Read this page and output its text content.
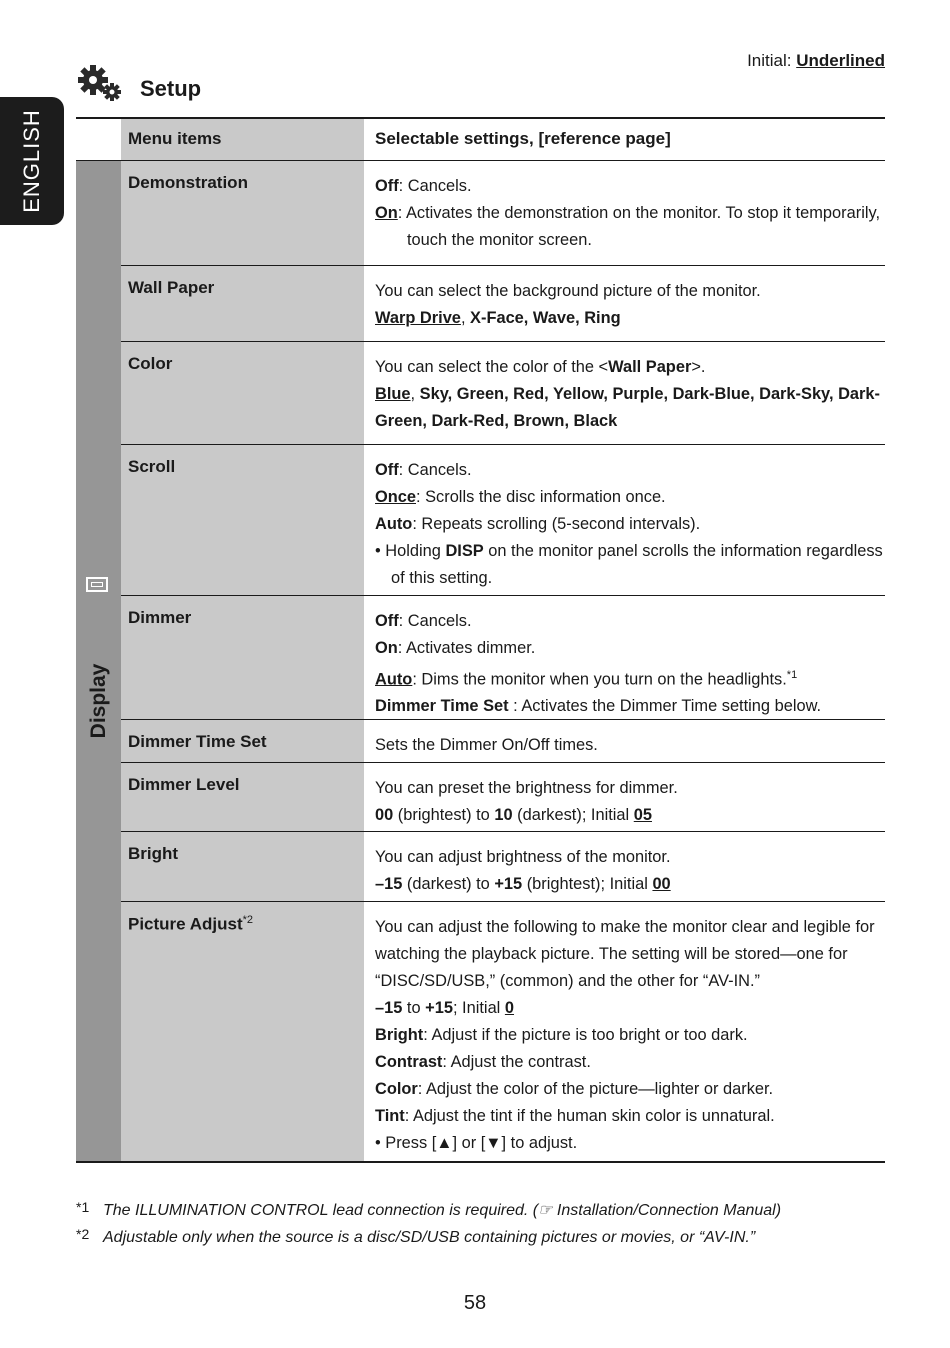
ENGLISH
Setup
Initial: Underlined
Menu items	Selectable settings, [reference page]
Display
Demonstration	Off: Cancels.

On: Activates the demonstration on the monitor. To stop it temporarily,

touch the monitor screen.

Wall Paper	You can select the background picture of the monitor.

Warp Drive, X-Face, Wave, Ring

Color	You can select the color of the <Wall Paper>.

Blue, Sky, Green, Red, Yellow, Purple, Dark-Blue, Dark-Sky, Dark-

Green, Dark-Red, Brown, Black

Scroll	Off: Cancels.

Once: Scrolls the disc information once.

Auto: Repeats scrolling (5-second intervals).

• Holding DISP on the monitor panel scrolls the information regardless

of this setting.

Dimmer	Off: Cancels.

On: Activates dimmer.

Auto: Dims the monitor when you turn on the headlights.$^{*1}$

Dimmer Time Set : Activates the Dimmer Time setting below.

Dimmer Time Set	Sets the Dimmer On/Off times.

Dimmer Level	You can preset the brightness for dimmer.

00 (brightest) to 10 (darkest); Initial 05

Bright	You can adjust brightness of the monitor.

–15 (darkest) to +15 (brightest); Initial 00

Picture Adjust$^{*2}$	You can adjust the following to make the monitor clear and legible for

watching the playback picture. The setting will be stored—one for

“DISC/SD/USB,” (common) and the other for “AV-IN.”

–15 to +15; Initial 0

Bright: Adjust if the picture is too bright or too dark.

Contrast: Adjust the contrast.

Color: Adjust the color of the picture—lighter or darker.

Tint: Adjust the tint if the human skin color is unnatural.

• Press [▲] or [▼] to adjust.

*1 The ILLUMINATION CONTROL lead connection is required. (☞ Installation/Connection Manual)
*2 Adjustable only when the source is a disc/SD/USB containing pictures or movies, or “AV-IN.”
58
